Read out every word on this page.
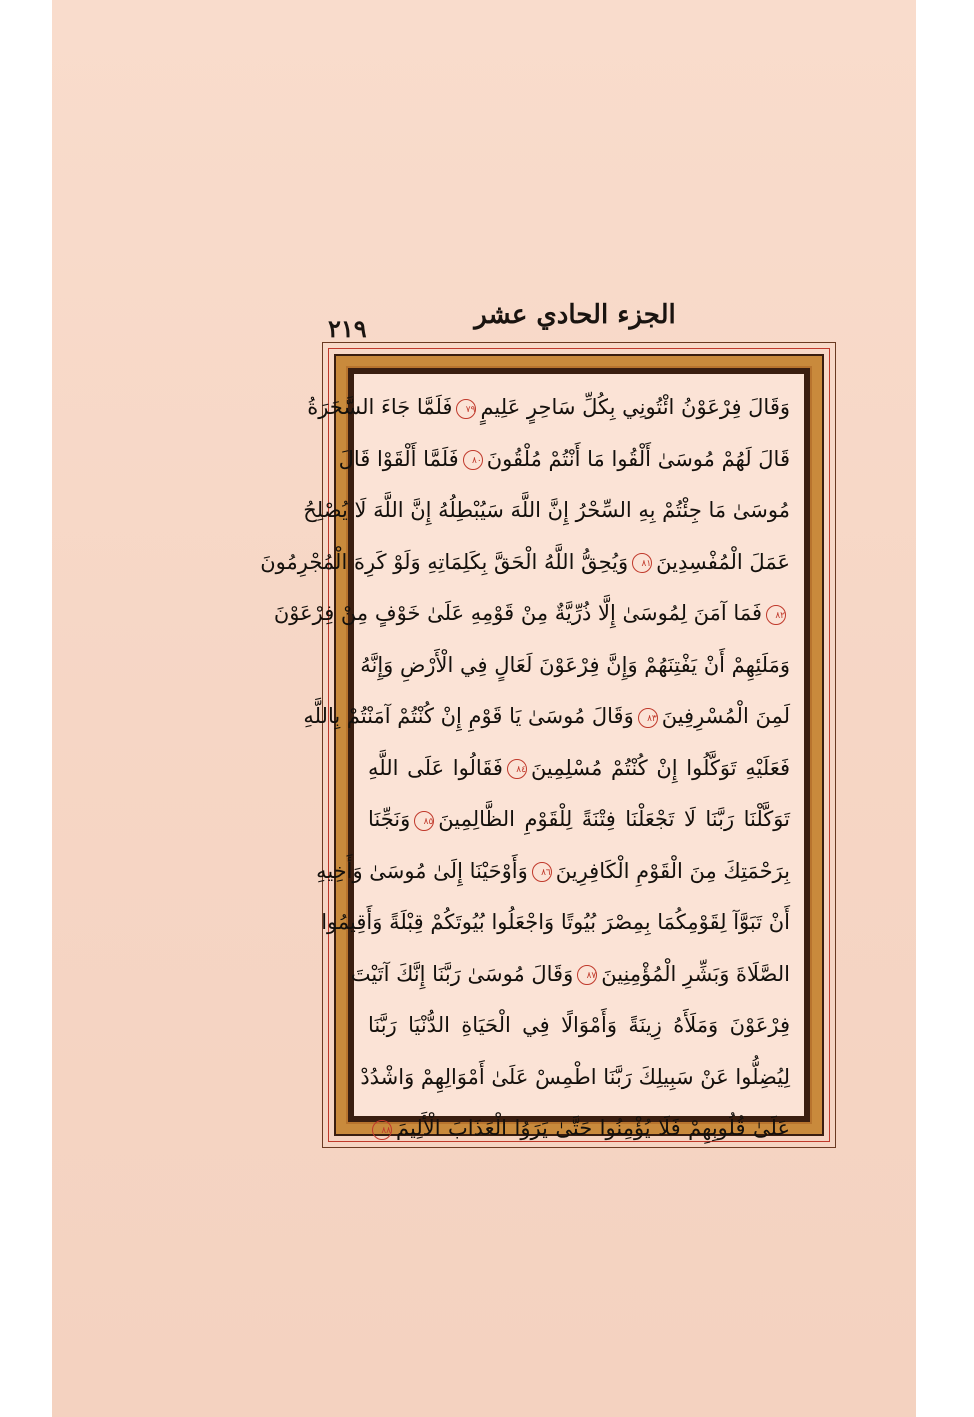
الجزء الحادي عشر
٢١٩
وَقَالَ فِرْعَوْنُ ائْتُونِي بِكُلِّ سَاحِرٍ عَلِيمٍ٧٩فَلَمَّا جَاءَ السَّحَرَةُ
قَالَ لَهُمْ مُوسَىٰ أَلْقُوا مَا أَنْتُمْ مُلْقُونَ٨٠فَلَمَّا أَلْقَوْا قَالَ
مُوسَىٰ مَا جِئْتُمْ بِهِ السِّحْرُ إِنَّ اللَّهَ سَيُبْطِلُهُ إِنَّ اللَّهَ لَا يُصْلِحُ
عَمَلَ الْمُفْسِدِينَ٨١وَيُحِقُّ اللَّهُ الْحَقَّ بِكَلِمَاتِهِ وَلَوْ كَرِهَ الْمُجْرِمُونَ
٨٢فَمَا آمَنَ لِمُوسَىٰ إِلَّا ذُرِّيَّةٌ مِنْ قَوْمِهِ عَلَىٰ خَوْفٍ مِنْ فِرْعَوْنَ
وَمَلَئِهِمْ أَنْ يَفْتِنَهُمْ وَإِنَّ فِرْعَوْنَ لَعَالٍ فِي الْأَرْضِ وَإِنَّهُ
لَمِنَ الْمُسْرِفِينَ٨٣وَقَالَ مُوسَىٰ يَا قَوْمِ إِنْ كُنْتُمْ آمَنْتُمْ بِاللَّهِ
فَعَلَيْهِ تَوَكَّلُوا إِنْ كُنْتُمْ مُسْلِمِينَ٨٤فَقَالُوا عَلَى اللَّهِ
تَوَكَّلْنَا رَبَّنَا لَا تَجْعَلْنَا فِتْنَةً لِلْقَوْمِ الظَّالِمِينَ٨٥وَنَجِّنَا
بِرَحْمَتِكَ مِنَ الْقَوْمِ الْكَافِرِينَ٨٦وَأَوْحَيْنَا إِلَىٰ مُوسَىٰ وَأَخِيهِ
أَنْ تَبَوَّآ لِقَوْمِكُمَا بِمِصْرَ بُيُوتًا وَاجْعَلُوا بُيُوتَكُمْ قِبْلَةً وَأَقِيمُوا
الصَّلَاةَ وَبَشِّرِ الْمُؤْمِنِينَ٨٧وَقَالَ مُوسَىٰ رَبَّنَا إِنَّكَ آتَيْتَ
فِرْعَوْنَ وَمَلَأَهُ زِينَةً وَأَمْوَالًا فِي الْحَيَاةِ الدُّنْيَا رَبَّنَا
لِيُضِلُّوا عَنْ سَبِيلِكَ رَبَّنَا اطْمِسْ عَلَىٰ أَمْوَالِهِمْ وَاشْدُدْ
عَلَىٰ قُلُوبِهِمْ فَلَا يُؤْمِنُوا حَتَّىٰ يَرَوُا الْعَذَابَ الْأَلِيمَ٨٨
